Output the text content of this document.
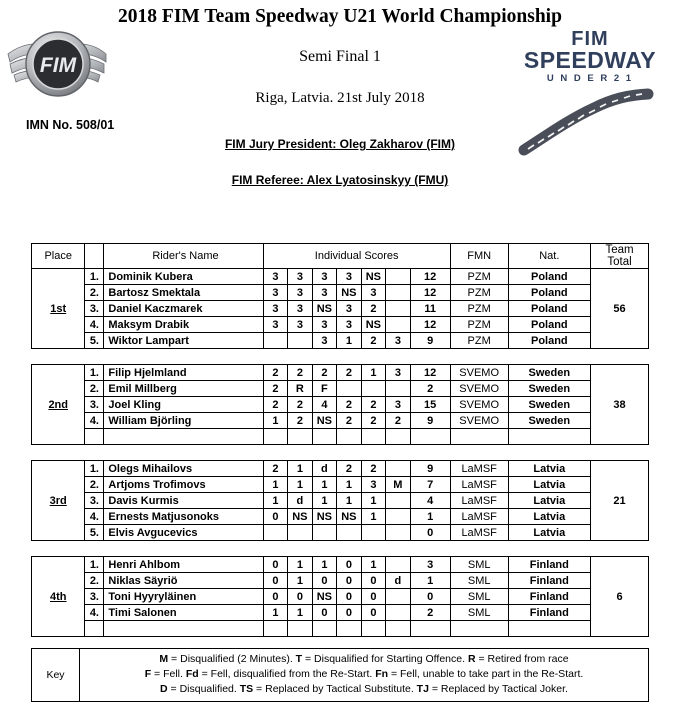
FIM
2018 FIM Team Speedway U21 World Championship
Semi Final 1
Riga, Latvia. 21st July 2018
IMN No. 508/01
FIM Jury President: Oleg Zakharov (FIM)
FIM Referee: Alex Lyatosinskyy (FMU)
FIM
SPEEDWAY
U N D E R 2 1
Place		Rider's Name	Individual Scores							FMN	Nat.	Team
Total

1st	1.	Dominik Kubera	3	3	3	3	NS		12	PZM	Poland	56
	2.	Bartosz Smektala	3	3	3	NS	3		12	PZM	Poland	
	3.	Daniel Kaczmarek	3	3	NS	3	2		11	PZM	Poland	
	4.	Maksym Drabik	3	3	3	3	NS		12	PZM	Poland	
	5.	Wiktor Lampart			3	1	2	3	9	PZM	Poland	

2nd	1.	Filip Hjelmland	2	2	2	2	1	3	12	SVEMO	Sweden	38
	2.	Emil Millberg	2	R	F				2	SVEMO	Sweden	
	3.	Joel Kling	2	2	4	2	2	3	15	SVEMO	Sweden	
	4.	William Björling	1	2	NS	2	2	2	9	SVEMO	Sweden	

3rd	1.	Olegs Mihailovs	2	1	d	2	2		9	LaMSF	Latvia	21
	2.	Artjoms Trofimovs	1	1	1	1	3	M	7	LaMSF	Latvia	
	3.	Davis Kurmis	1	d	1	1	1		4	LaMSF	Latvia	
	4.	Ernests Matjusonoks	0	NS	NS	NS	1		1	LaMSF	Latvia	
	5.	Elvis Avgucevics							0	LaMSF	Latvia	

4th	1.	Henri Ahlbom	0	1	1	0	1		3	SML	Finland	6
	2.	Niklas Säyriö	0	1	0	0	0	d	1	SML	Finland	
	3.	Toni Hyyryläinen	0	0	NS	0	0		0	SML	Finland	
	4.	Timi Salonen	1	1	0	0	0		2	SML	Finland	

Key	
M = Disqualified (2 Minutes). T = Disqualified for Starting Offence. R = Retired from race
F = Fell. Fd = Fell, disqualified from the Re-Start. Fn = Fell, unable to take part in the Re-Start.
D = Disqualified. TS = Replaced by Tactical Substitute. TJ = Replaced by Tactical Joker.
